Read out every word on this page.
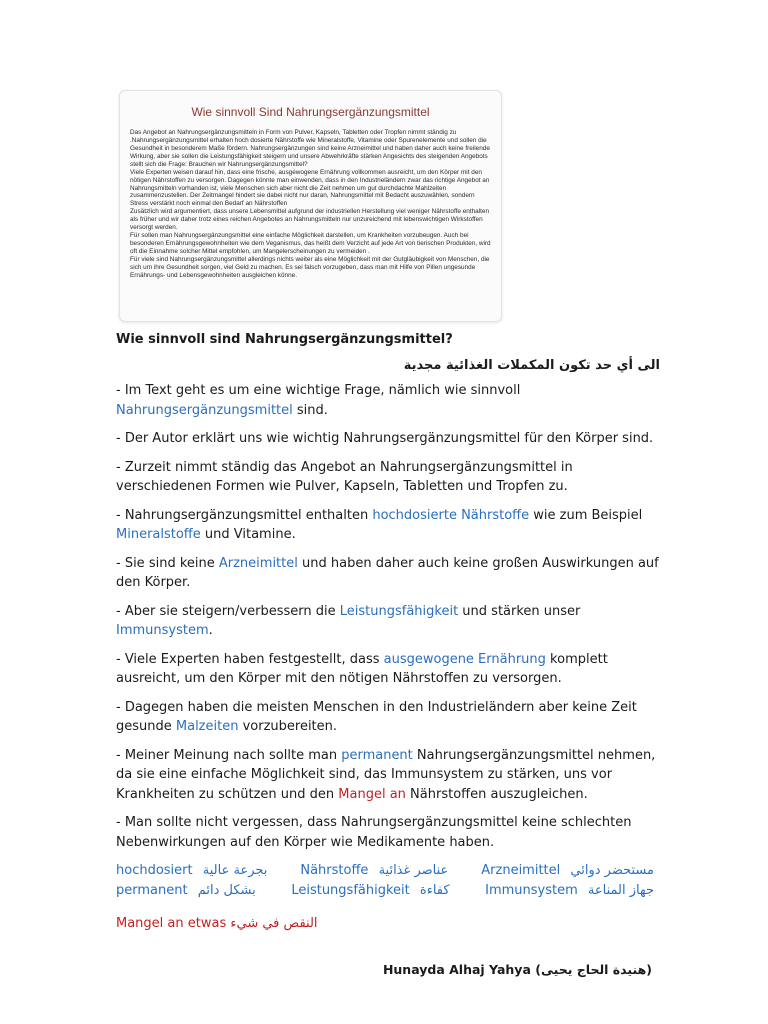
Wie sinnvoll Sind Nahrungsergänzungsmittel

Das Angebot an Nahrungsergänzungsmitteln in Form von Pulver, Kapseln, Tabletten oder Tropfen nimmt ständig zu .Nahrungsergänzungsmittel erhalten hoch dosierte Nährstoffe wie Mineralstoffe, Vitamine oder Spurenelemente und sollen die Gesundheit in besonderem Maße fördern. Nahrungsergänzungen sind keine Arzneimittel und haben daher auch keine freilende Wirkung, aber sie sollen die Leistungsfähigkeit steigern und unsere Abwehrkräfte stärken Angesichts des steigenden Angebots stellt sich die Frage: Brauchen wir Nahrungsergänzungsmittel?

Viele Experten weisen darauf hin, dass eine frische, ausgewogene Ernährung vollkommen ausreicht, um den Körper mit den nötigen Nährstoffen zu versorgen. Dagegen könnte man einwenden, dass in den Industrieländern zwar das richtige Angebot an Nahrungsmitteln vorhanden ist, viele Menschen sich aber nicht die Zeit nehmen um gut durchdachte Mahlzeiten zusammenzustellen. Der Zeitmangel hindert sie dabei nicht nur daran, Nahrungsmittel mit Bedacht auszuwählen, sondern Stress verstärkt noch einmal den Bedarf an Nährstoffen

Zusätzlich wird argumentiert, dass unsere Lebensmittel aufgrund der industriellen Herstellung viel weniger Nährstoffe enthalten als früher und wir daher trotz eines reichen Angebotes an Nahrungsmitteln nur unzureichend mit lebenswichtigen Wirkstoffen versorgt werden.

Für sollen man Nahrungsergänzungsmittel eine einfache Möglichkeit darstellen, um Krankheiten vorzubeugen. Auch bei besonderen Ernährungsgewohnheiten wie dem Veganismus, das heißt dem Verzicht auf jede Art von tierischen Produkten, wird oft die Einnahme solcher Mittel empfohlen, um Mangelerscheinungen zu vermeiden .

Für viele sind Nahrungsergänzungsmittel allerdings nichts weiter als eine Möglichkeit mit der Gutgläubigkeit von Menschen, die sich um ihre Gesundheit sorgen, viel Geld zu machen. Es sei falsch vorzugeben, dass man mit Hilfe von Pillen ungesunde Ernährungs- und Lebensgewohnheiten ausgleichen könne.

Wie sinnvoll sind Nahrungsergänzungsmittel?
الى أي حد تكون المكملات الغذائية مجدية
- Im Text geht es um eine wichtige Frage, nämlich wie sinnvoll Nahrungsergänzungsmittel sind.
- Der Autor erklärt uns wie wichtig Nahrungsergänzungsmittel für den Körper sind.
- Zurzeit nimmt ständig das Angebot an Nahrungsergänzungsmittel in verschiedenen Formen wie Pulver, Kapseln, Tabletten und Tropfen zu.
- Nahrungsergänzungsmittel enthalten hochdosierte Nährstoffe wie zum Beispiel Mineralstoffe und Vitamine.
- Sie sind keine Arzneimittel und haben daher auch keine großen Auswirkungen auf den Körper.
- Aber sie steigern/verbessern die Leistungsfähigkeit und stärken unser Immunsystem.
- Viele Experten haben festgestellt, dass ausgewogene Ernährung komplett ausreicht, um den Körper mit den nötigen Nährstoffen zu versorgen.
- Dagegen haben die meisten Menschen in den Industrieländern aber keine Zeit gesunde Malzeiten vorzubereiten.
- Meiner Meinung nach sollte man permanent Nahrungsergänzungsmittel nehmen, da sie eine einfache Möglichkeit sind, das Immunsystem zu stärken, uns vor Krankheiten zu schützen und den Mangel an Nährstoffen auszugleichen.
- Man sollte nicht vergessen, dass Nahrungsergänzungsmittel keine schlechten Nebenwirkungen auf den Körper wie Medikamente haben.
hochdosiert بجرعة عالية	Nährstoffe عناصر غذائية	Arzneimittel مستحضر دوائي
permanent بشكل دائم	Leistungsfähigkeit كفاءة	Immunsystem جهاز المناعة
Mangel an etwas النقص في شيء
Hunayda Alhaj Yahya (هنيدة الحاج يحيى)
